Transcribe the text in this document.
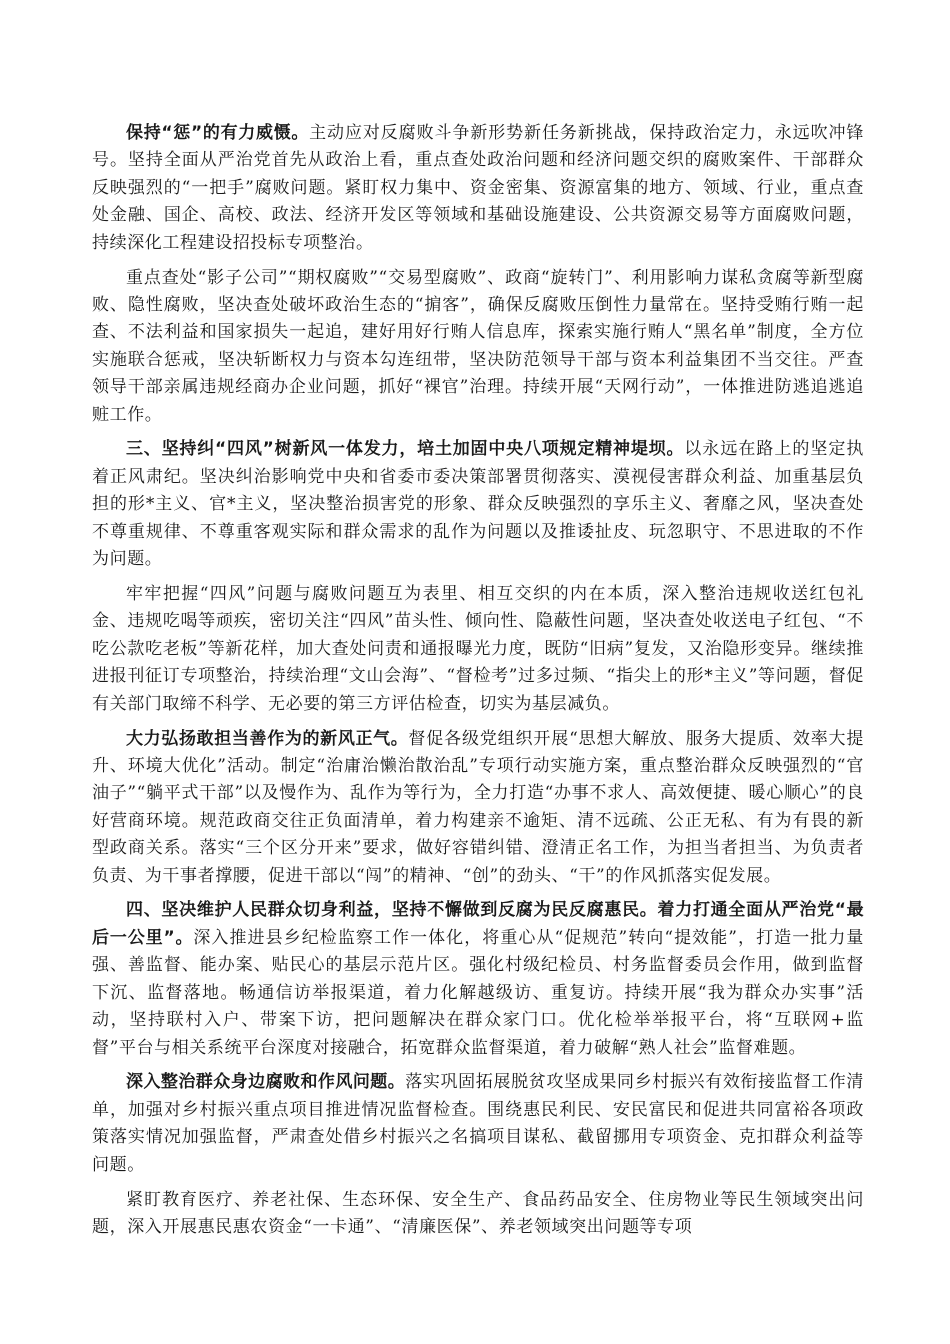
保持“惩”的有力威慑。主动应对反腐败斗争新形势新任务新挑战，保持政治定力，永远吹冲锋号。坚持全面从严治党首先从政治上看，重点查处政治问题和经济问题交织的腐败案件、干部群众反映强烈的“一把手”腐败问题。紧盯权力集中、资金密集、资源富集的地方、领域、行业，重点查处金融、国企、高校、政法、经济开发区等领域和基础设施建设、公共资源交易等方面腐败问题，持续深化工程建设招投标专项整治。

重点查处“影子公司”“期权腐败”“交易型腐败”、政商“旋转门”、利用影响力谋私贪腐等新型腐败、隐性腐败，坚决查处破坏政治生态的“掮客”，确保反腐败压倒性力量常在。坚持受贿行贿一起查、不法利益和国家损失一起追，建好用好行贿人信息库，探索实施行贿人“黑名单”制度，全方位实施联合惩戒，坚决斩断权力与资本勾连纽带，坚决防范领导干部与资本利益集团不当交往。严查领导干部亲属违规经商办企业问题，抓好“裸官”治理。持续开展“天网行动”，一体推进防逃追逃追赃工作。

三、坚持纠“四风”树新风一体发力，培土加固中央八项规定精神堤坝。以永远在路上的坚定执着正风肃纪。坚决纠治影响党中央和省委市委决策部署贯彻落实、漠视侵害群众利益、加重基层负担的形*主义、官*主义，坚决整治损害党的形象、群众反映强烈的享乐主义、奢靡之风，坚决查处不尊重规律、不尊重客观实际和群众需求的乱作为问题以及推诿扯皮、玩忽职守、不思进取的不作为问题。

牢牢把握“四风”问题与腐败问题互为表里、相互交织的内在本质，深入整治违规收送红包礼金、违规吃喝等顽疾，密切关注“四风”苗头性、倾向性、隐蔽性问题，坚决查处收送电子红包、“不吃公款吃老板”等新花样，加大查处问责和通报曝光力度，既防“旧病”复发，又治隐形变异。继续推进报刊征订专项整治，持续治理“文山会海”、“督检考”过多过频、“指尖上的形*主义”等问题，督促有关部门取缔不科学、无必要的第三方评估检查，切实为基层减负。

大力弘扬敢担当善作为的新风正气。督促各级党组织开展“思想大解放、服务大提质、效率大提升、环境大优化”活动。制定“治庸治懒治散治乱”专项行动实施方案，重点整治群众反映强烈的“官油子”“躺平式干部”以及慢作为、乱作为等行为，全力打造“办事不求人、高效便捷、暖心顺心”的良好营商环境。规范政商交往正负面清单，着力构建亲不逾矩、清不远疏、公正无私、有为有畏的新型政商关系。落实“三个区分开来”要求，做好容错纠错、澄清正名工作，为担当者担当、为负责者负责、为干事者撑腰，促进干部以“闯”的精神、“创”的劲头、“干”的作风抓落实促发展。

四、坚决维护人民群众切身利益，坚持不懈做到反腐为民反腐惠民。着力打通全面从严治党“最后一公里”。深入推进县乡纪检监察工作一体化，将重心从“促规范”转向“提效能”，打造一批力量强、善监督、能办案、贴民心的基层示范片区。强化村级纪检员、村务监督委员会作用，做到监督下沉、监督落地。畅通信访举报渠道，着力化解越级访、重复访。持续开展“我为群众办实事”活动，坚持联村入户、带案下访，把问题解决在群众家门口。优化检举举报平台，将“互联网+监督”平台与相关系统平台深度对接融合，拓宽群众监督渠道，着力破解“熟人社会”监督难题。

深入整治群众身边腐败和作风问题。落实巩固拓展脱贫攻坚成果同乡村振兴有效衔接监督工作清单，加强对乡村振兴重点项目推进情况监督检查。围绕惠民利民、安民富民和促进共同富裕各项政策落实情况加强监督，严肃查处借乡村振兴之名搞项目谋私、截留挪用专项资金、克扣群众利益等问题。

紧盯教育医疗、养老社保、生态环保、安全生产、食品药品安全、住房物业等民生领域突出问题，深入开展惠民惠农资金“一卡通”、“清廉医保”、养老领域突出问题等专项
